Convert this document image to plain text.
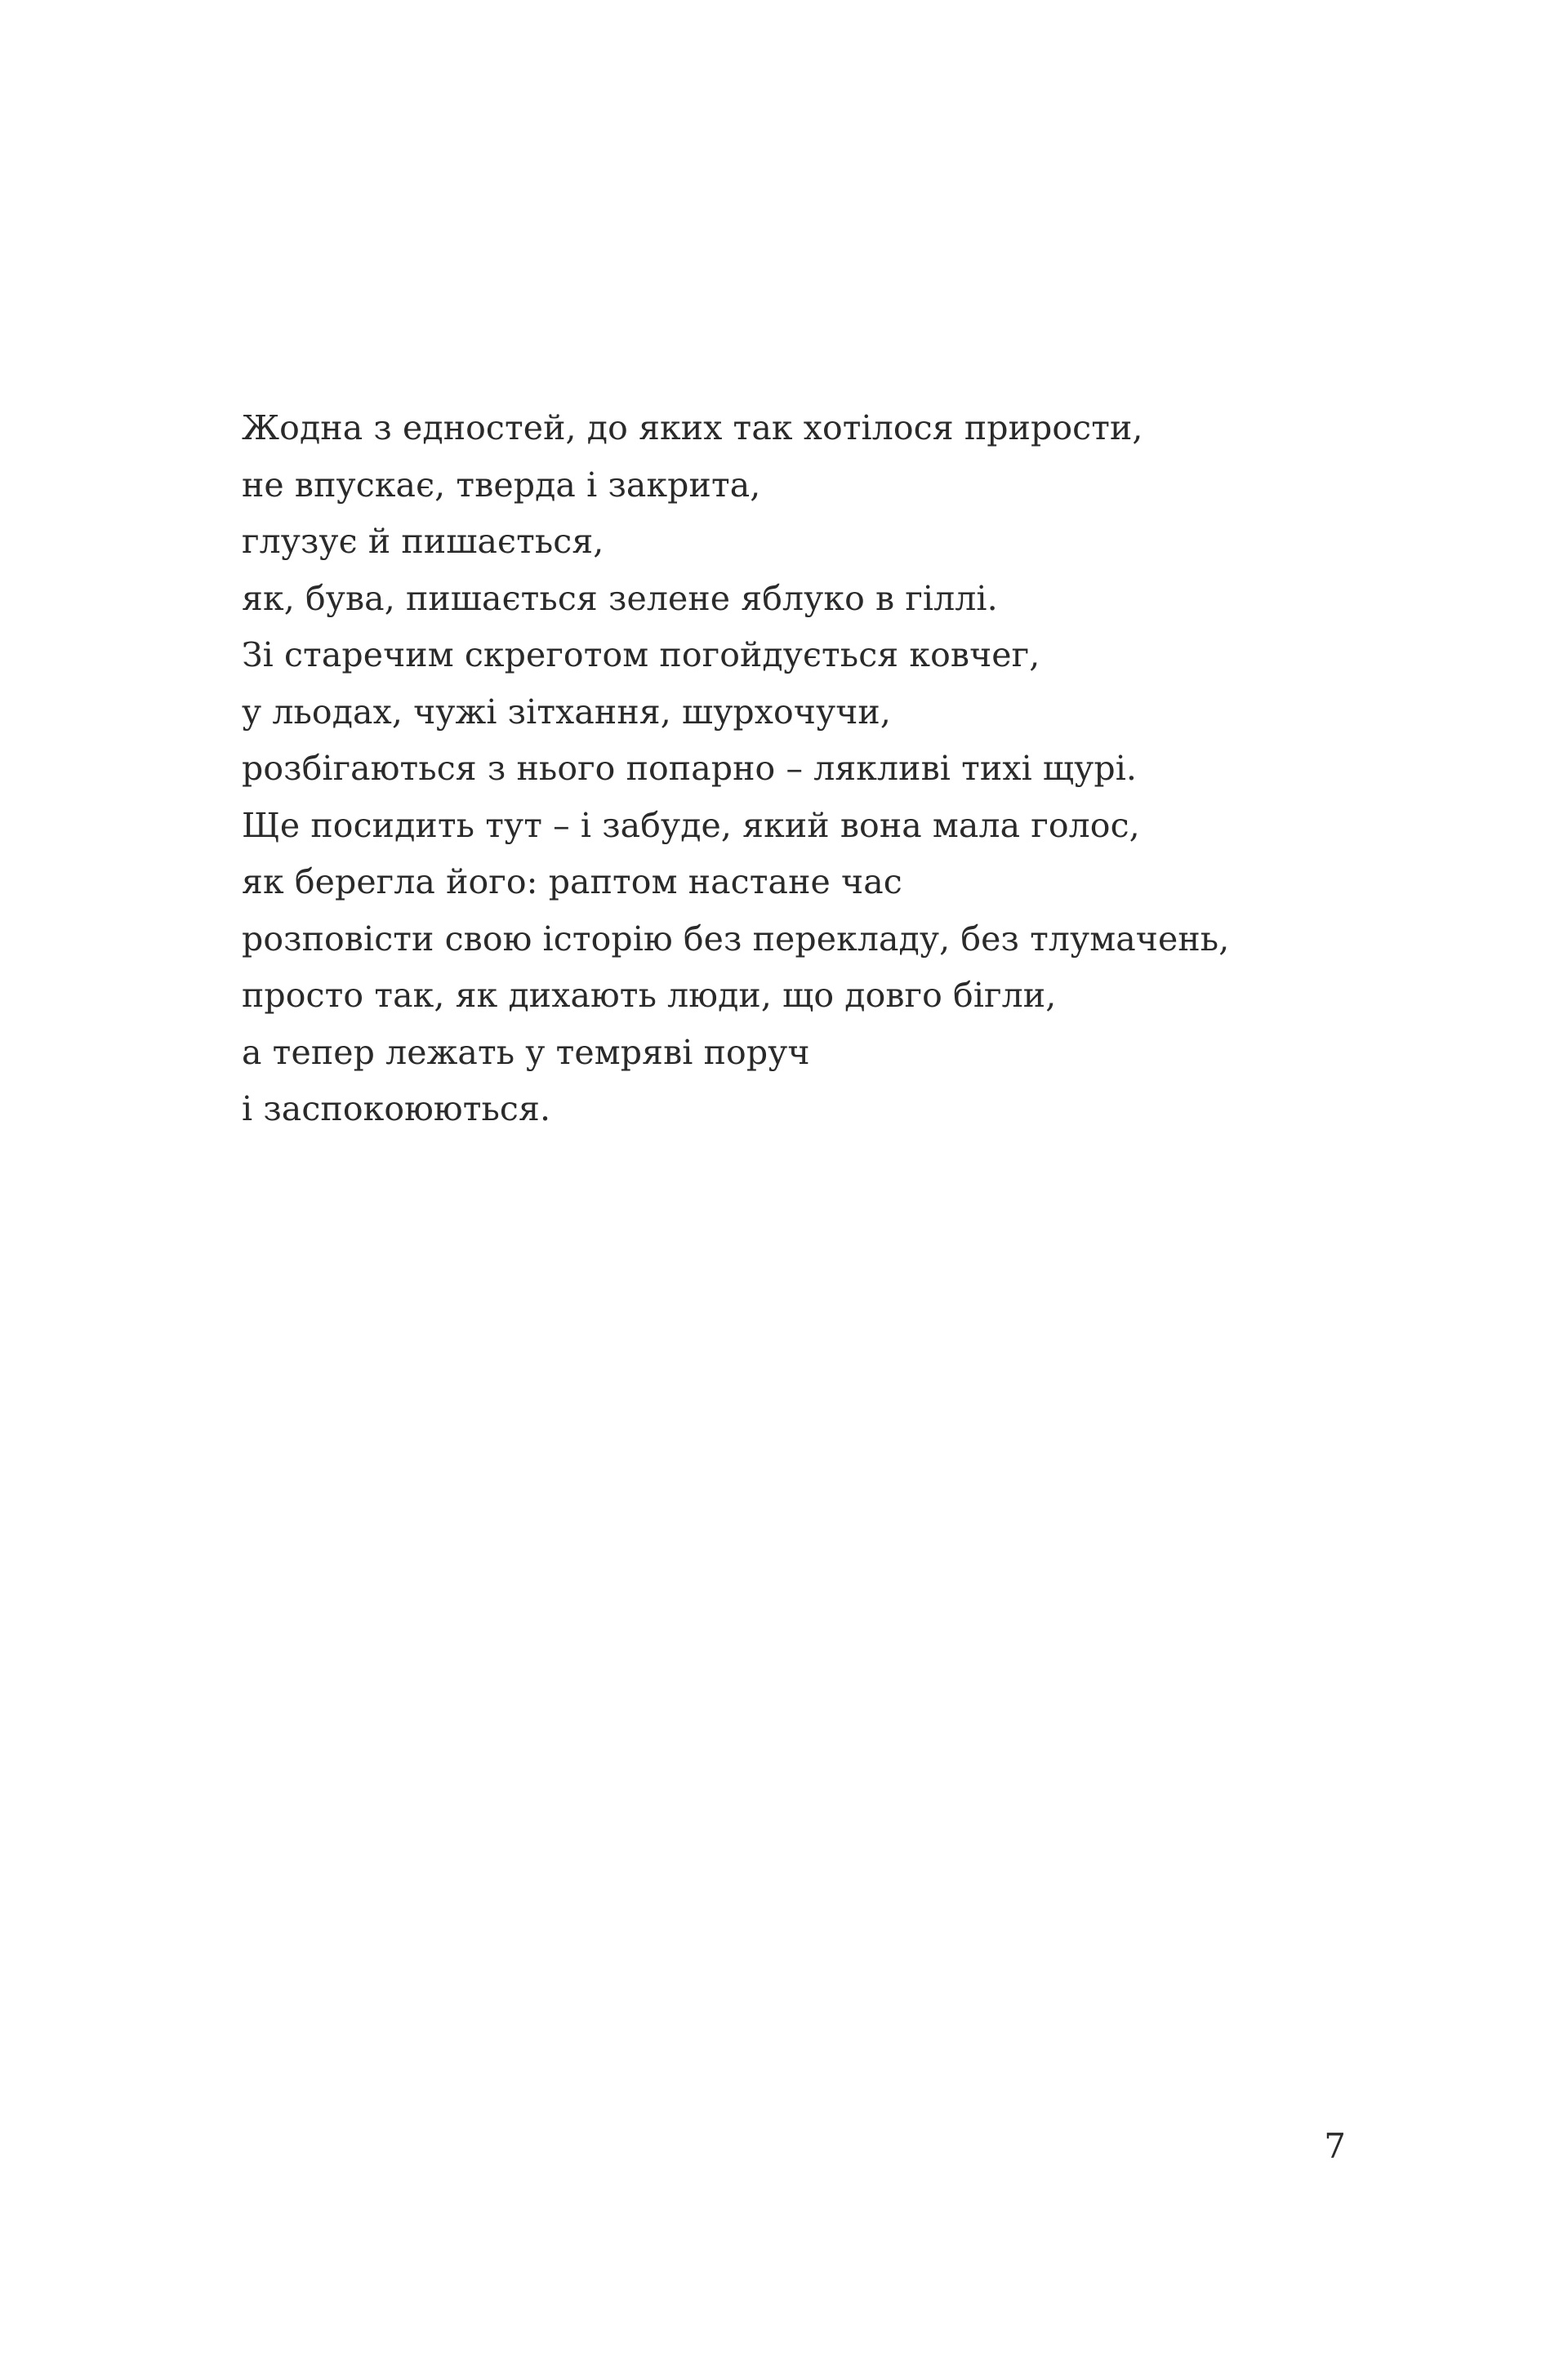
Жодна з едностей, до яких так хотілося прирости,
не впускає, тверда і закрита,
глузує й пишається,
як, бува, пишається зелене яблуко в гіллі.
Зі старечим скреготом погойдується ковчег,
у льодах, чужі зітхання, шурхочучи,
розбігаються з нього попарно – лякливі тихі щурі.
Ще посидить тут – і забуде, який вона мала голос,
як берегла його: раптом настане час
розповісти свою історію без перекладу, без тлумачень,
просто так, як дихають люди, що довго бігли,
а тепер лежать у темряві поруч
і заспокоюються.
7
